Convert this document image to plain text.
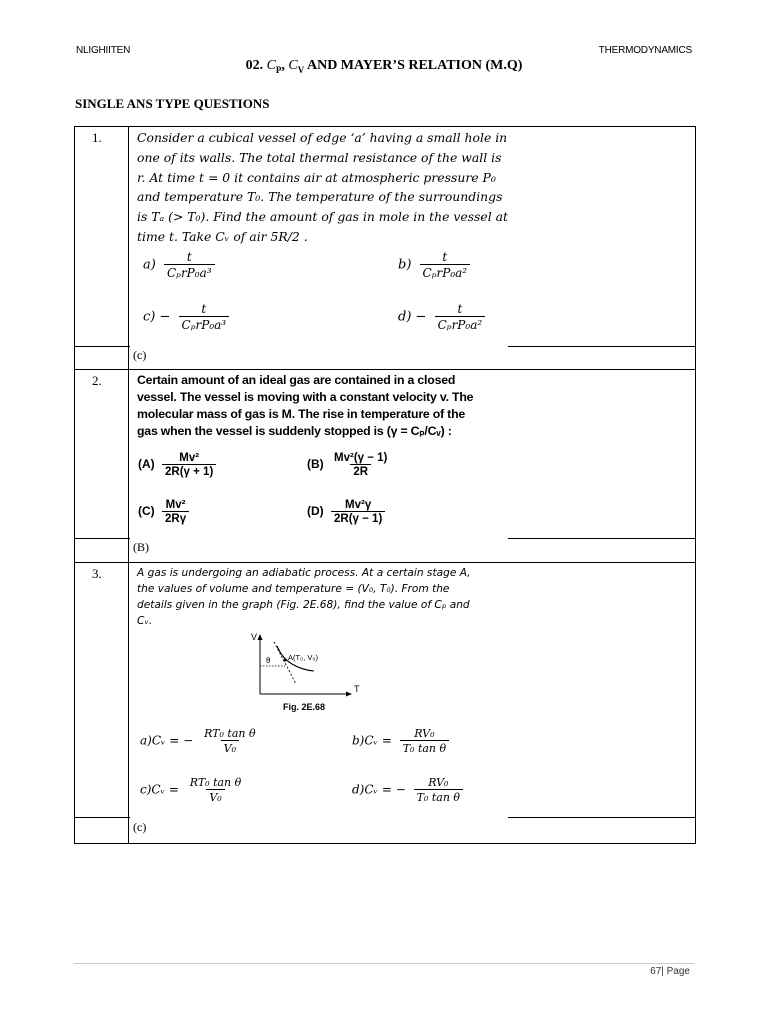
NLIGHIITEN	THERMODYNAMICS
02. $C_P$, $C_V$ AND MAYER’S RELATION (M.Q)
SINGLE ANS TYPE QUESTIONS
1.	Consider a cubical vessel of edge ‘a’ having a small hole in one of its walls. The total thermal resistance of the wall is r. At time t = 0 it contains air at atmospheric pressure P₀ and temperature T₀. The temperature of the surroundings is Tₐ (> T₀). Find the amount of gas in mole in the vessel at time t. Take Cᵥ of air 5R/2 .
$a) \frac{t}{\text{CₚrP₀a³}}$	$b) \frac{t}{\text{CₚrP₀a²}}$
$c) - \frac{t}{\text{CₚrP₀a³}}$	$d) - \frac{t}{\text{CₚrP₀a²}}$
(c)
2.	Certain amount of an ideal gas are contained in a closed vessel. The vessel is moving with a constant velocity v. The molecular mass of gas is M. The rise in temperature of the gas when the vessel is suddenly stopped is (γ = Cₚ/Cᵥ) :
$(A) \frac{\text{Mv²}}{2R(\gamma + 1)}$	$(B) \frac{\text{Mv²(γ − 1)}}{2R}$
$(C) \frac{\text{Mv²}}{2R\gamma}$	$(D) \frac{\text{Mv²γ}}{2R(\gamma - 1)}$
(B)
3.	A gas is undergoing an adiabatic process. At a certain stage A, the values of volume and temperature = (V₀, T₀). From the details given in the graph (Fig. 2E.68), find the value of Cₚ and Cᵥ.
V
T
θ A(T₀, V₀)
Fig. 2E.68
a)Cᵥ = − $\frac{\text{RT₀ tan θ}}{\text{V₀}}$	b)Cᵥ = $\frac{\text{RV₀}}{\text{T₀ tan θ}}$
c)Cᵥ = $\frac{\text{RT₀ tan θ}}{\text{V₀}}$	d)Cᵥ = − $\frac{\text{RV₀}}{\text{T₀ tan θ}}$
(c)
67| Page
